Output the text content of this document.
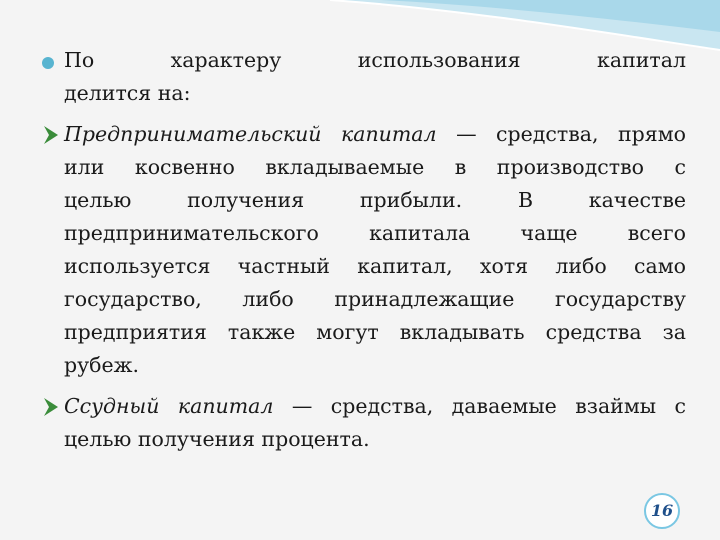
По	характеру	использования	капитал
делится на:
Предпринимательский капитал — средства, прямо
или косвенно вкладываемые в производство с
целью получения прибыли. В качестве
предпринимательского капитала чаще всего
используется частный капитал, хотя либо само
государство, либо принадлежащие государству
предприятия также могут вкладывать средства за
рубеж.
Ссудный капитал — средства, даваемые взаймы с
целью получения процента.
16
